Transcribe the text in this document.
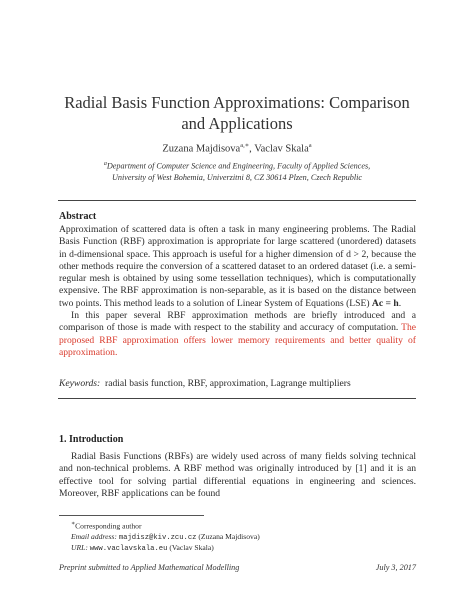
Radial Basis Function Approximations: Comparison
and Applications
Zuzana Majdisova$^{a,∗}$, Vaclav Skala$^a$
$^a$Department of Computer Science and Engineering, Faculty of Applied Sciences,
University of West Bohemia, Univerzitni 8, CZ 30614 Plzen, Czech Republic
Abstract

Approximation of scattered data is often a task in many engineering problems. The Radial Basis Function (RBF) approximation is appropriate for large scattered (unordered) datasets in d-dimensional space. This approach is useful for a higher dimension of d > 2, because the other methods require the conversion of a scattered dataset to an ordered dataset (i.e. a semi-regular mesh is obtained by using some tessellation techniques), which is computationally expensive. The RBF approximation is non-separable, as it is based on the distance between two points. This method leads to a solution of Linear System of Equations (LSE) Ac = h.

In this paper several RBF approximation methods are briefly introduced and a comparison of those is made with respect to the stability and accuracy of computation. The proposed RBF approximation offers lower memory requirements and better quality of approximation.

Keywords: radial basis function, RBF, approximation, Lagrange multipliers
1. Introduction
Radial Basis Functions (RBFs) are widely used across of many fields solving technical and non-technical problems. A RBF method was originally introduced by [1] and it is an effective tool for solving partial differential equations in engineering and sciences. Moreover, RBF applications can be found
∗Corresponding author
Email address: majdisz@kiv.zcu.cz (Zuzana Majdisova)
URL: www.vaclavskala.eu (Vaclav Skala)
Preprint submitted to Applied Mathematical Modelling	July 3, 2017
